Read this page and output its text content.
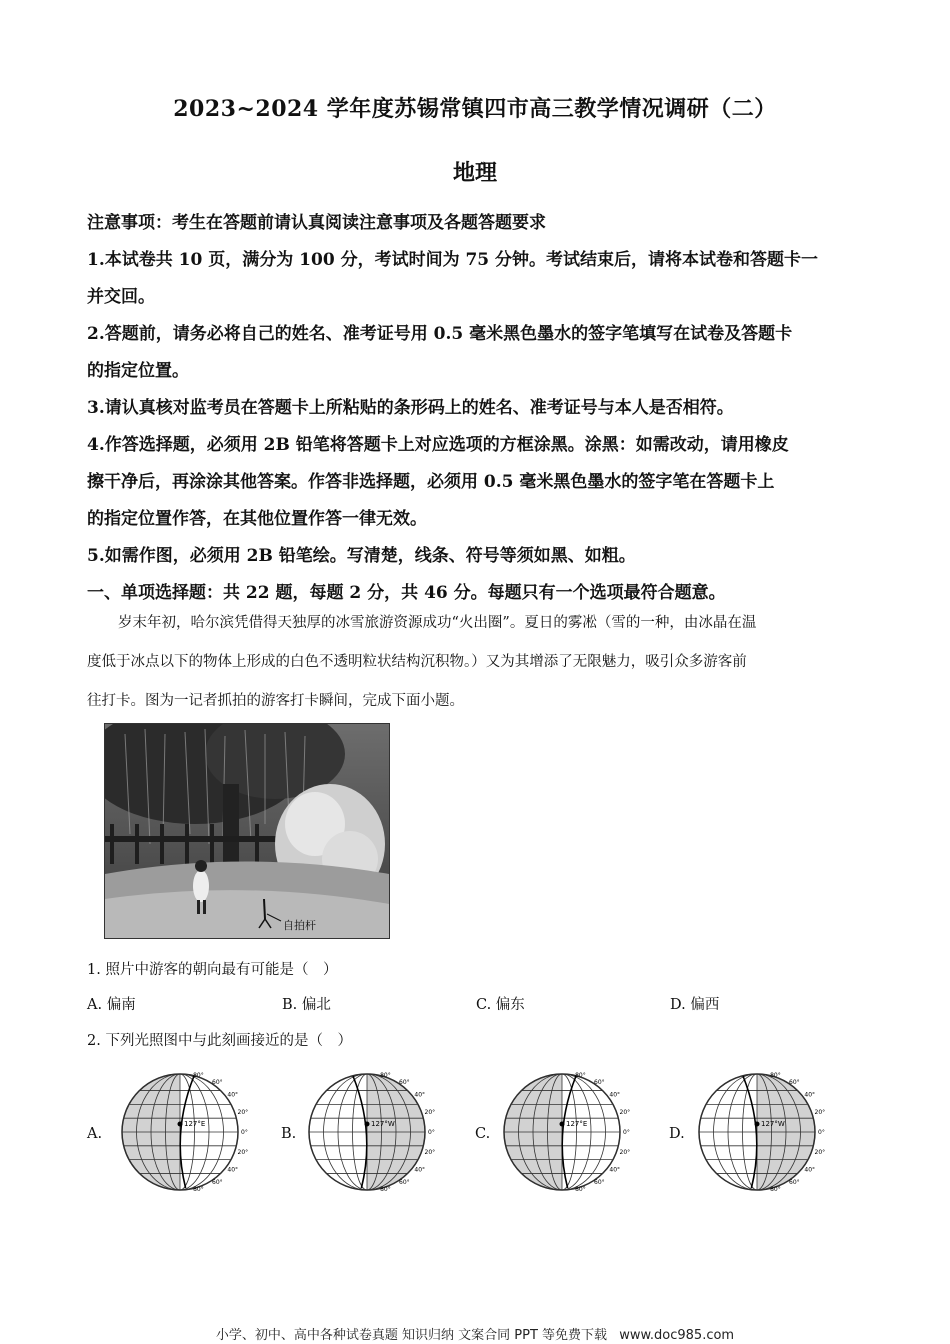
2023~2024 学年度苏锡常镇四市高三教学情况调研（二）
地理

注意事项：考生在答题前请认真阅读注意事项及各题答题要求

1.本试卷共 10 页，满分为 100 分，考试时间为 75 分钟。考试结束后，请将本试卷和答题卡一

并交回。

2.答题前，请务必将自己的姓名、准考证号用 0.5 毫米黑色墨水的签字笔填写在试卷及答题卡

的指定位置。

3.请认真核对监考员在答题卡上所粘贴的条形码上的姓名、准考证号与本人是否相符。

4.作答选择题，必须用 2B 铅笔将答题卡上对应选项的方框涂黑。涂黑：如需改动，请用橡皮

擦干净后，再涂涂其他答案。作答非选择题，必须用 0.5 毫米黑色墨水的签字笔在答题卡上

的指定位置作答，在其他位置作答一律无效。

5.如需作图，必须用 2B 铅笔绘。写清楚，线条、符号等须如黑、如粗。

一、单项选择题：共 22 题，每题 2 分，共 46 分。每题只有一个选项最符合题意。

岁末年初，哈尔滨凭借得天独厚的冰雪旅游资源成功“火出圈”。夏日的雾凇（雪的一种，由冰晶在温

度低于冰点以下的物体上形成的白色不透明粒状结构沉积物。）又为其增添了无限魅力，吸引众多游客前

往打卡。图为一记者抓拍的游客打卡瞬间，完成下面小题。

自拍杆
1. 照片中游客的朝向最有可能是（　）
A. 偏南	B. 偏北	C. 偏东	D. 偏西
2. 下列光照图中与此刻画接近的是（　）
A.	B.	C.	D.
127°E
80°
60°
40°
20°
0°
20°
40°
60°
80°
127°W
80°
60°
40°
20°
0°
20°
40°
60°
80°
127°E
80°
60°
40°
20°
0°
20°
40°
60°
80°
127°W
80°
60°
40°
20°
0°
20°
40°
60°
80°
小学、初中、高中各种试卷真题 知识归纳 文案合同 PPT 等免费下载 www.doc985.com
